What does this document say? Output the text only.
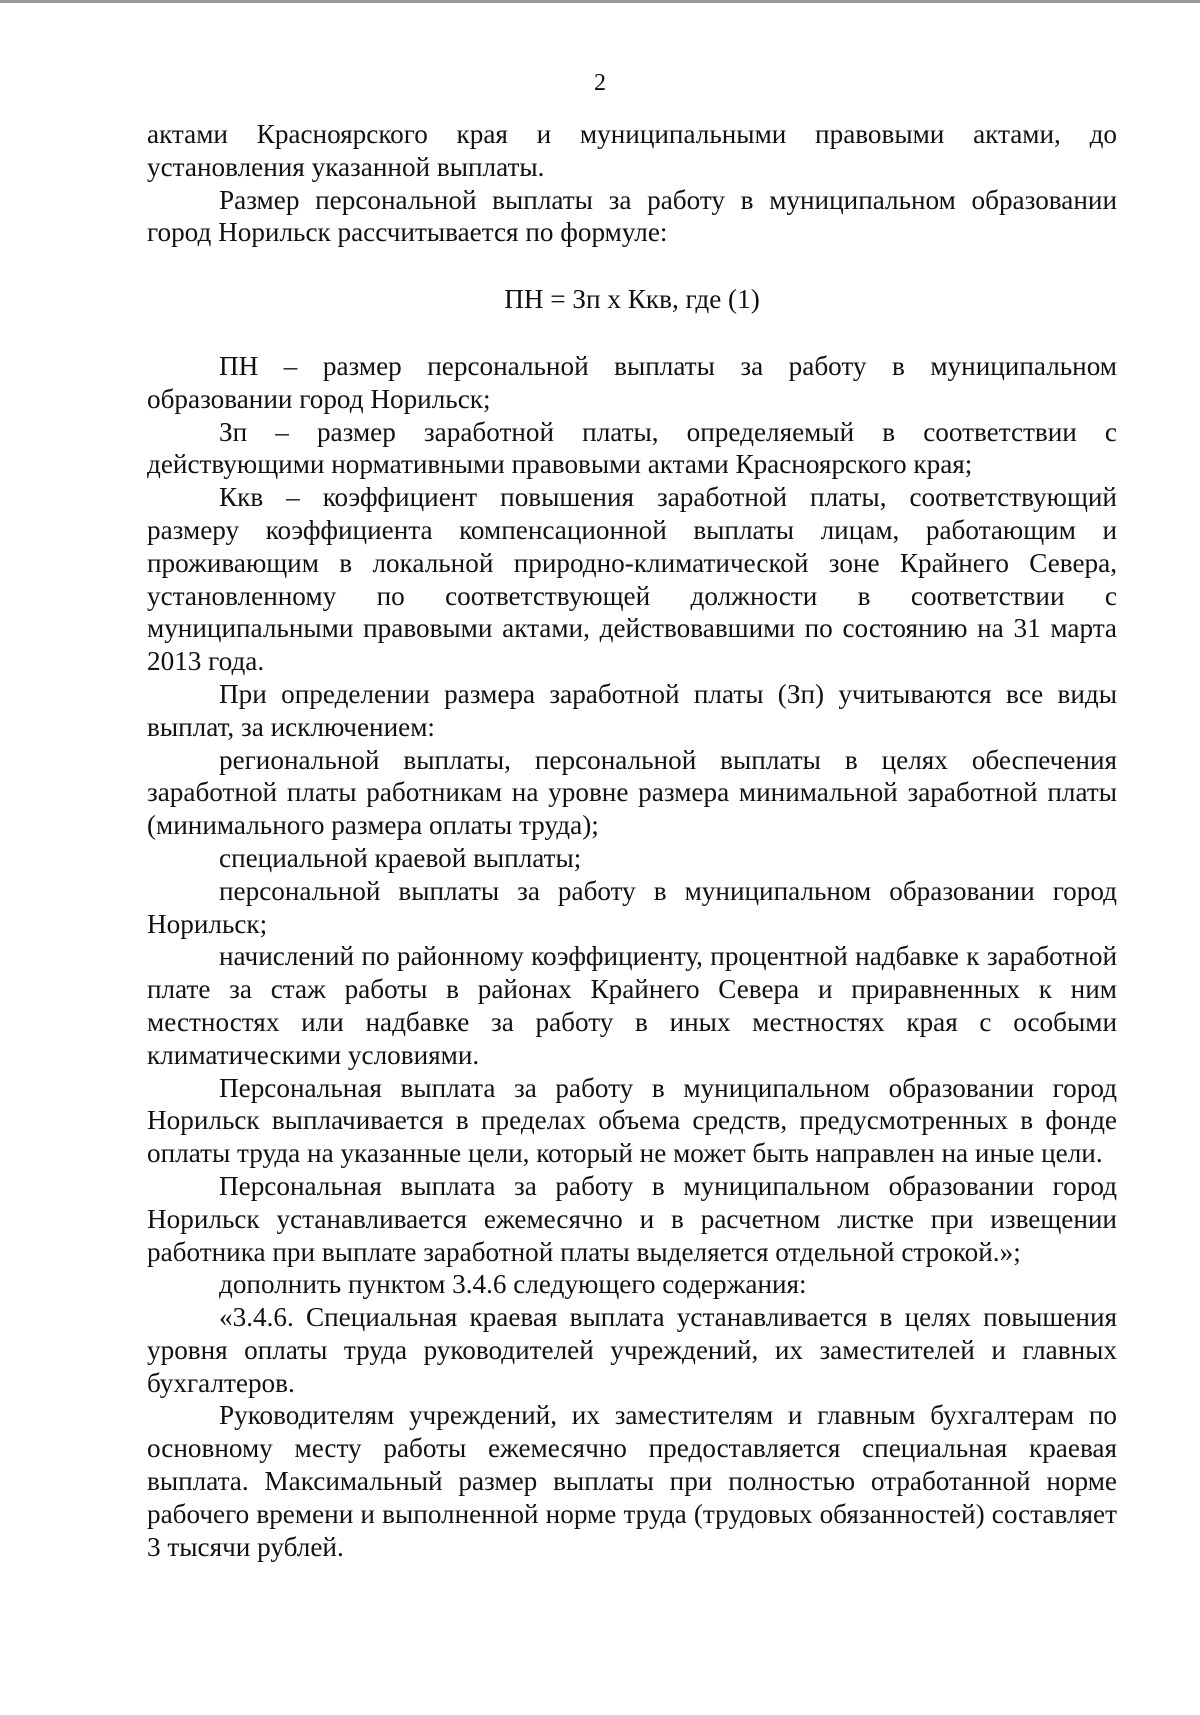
2

актами Красноярского края и муниципальными правовыми актами, до установления указанной выплаты.

Размер персональной выплаты за работу в муниципальном образовании город Норильск рассчитывается по формуле:

ПН = Зп х Ккв, где (1)

ПН – размер персональной выплаты за работу в муниципальном образовании город Норильск;

Зп – размер заработной платы, определяемый в соответствии с действующими нормативными правовыми актами Красноярского края;

Ккв – коэффициент повышения заработной платы, соответствующий размеру коэффициента компенсационной выплаты лицам, работающим и проживающим в локальной природно-климатической зоне Крайнего Севера, установленному по соответствующей должности в соответствии с муниципальными правовыми актами, действовавшими по состоянию на 31 марта 2013 года.

При определении размера заработной платы (Зп) учитываются все виды выплат, за исключением:

региональной выплаты, персональной выплаты в целях обеспечения заработной платы работникам на уровне размера минимальной заработной платы (минимального размера оплаты труда);

специальной краевой выплаты;

персональной выплаты за работу в муниципальном образовании город Норильск;

начислений по районному коэффициенту, процентной надбавке к заработной плате за стаж работы в районах Крайнего Севера и приравненных к ним местностях или надбавке за работу в иных местностях края с особыми климатическими условиями.

Персональная выплата за работу в муниципальном образовании город Норильск выплачивается в пределах объема средств, предусмотренных в фонде оплаты труда на указанные цели, который не может быть направлен на иные цели.

Персональная выплата за работу в муниципальном образовании город Норильск устанавливается ежемесячно и в расчетном листке при извещении работника при выплате заработной платы выделяется отдельной строкой.»;

дополнить пунктом 3.4.6 следующего содержания:

«3.4.6. Специальная краевая выплата устанавливается в целях повышения уровня оплаты труда руководителей учреждений, их заместителей и главных бухгалтеров.

Руководителям учреждений, их заместителям и главным бухгалтерам по основному месту работы ежемесячно предоставляется специальная краевая выплата. Максимальный размер выплаты при полностью отработанной норме рабочего времени и выполненной норме труда (трудовых обязанностей) составляет 3 тысячи рублей.
